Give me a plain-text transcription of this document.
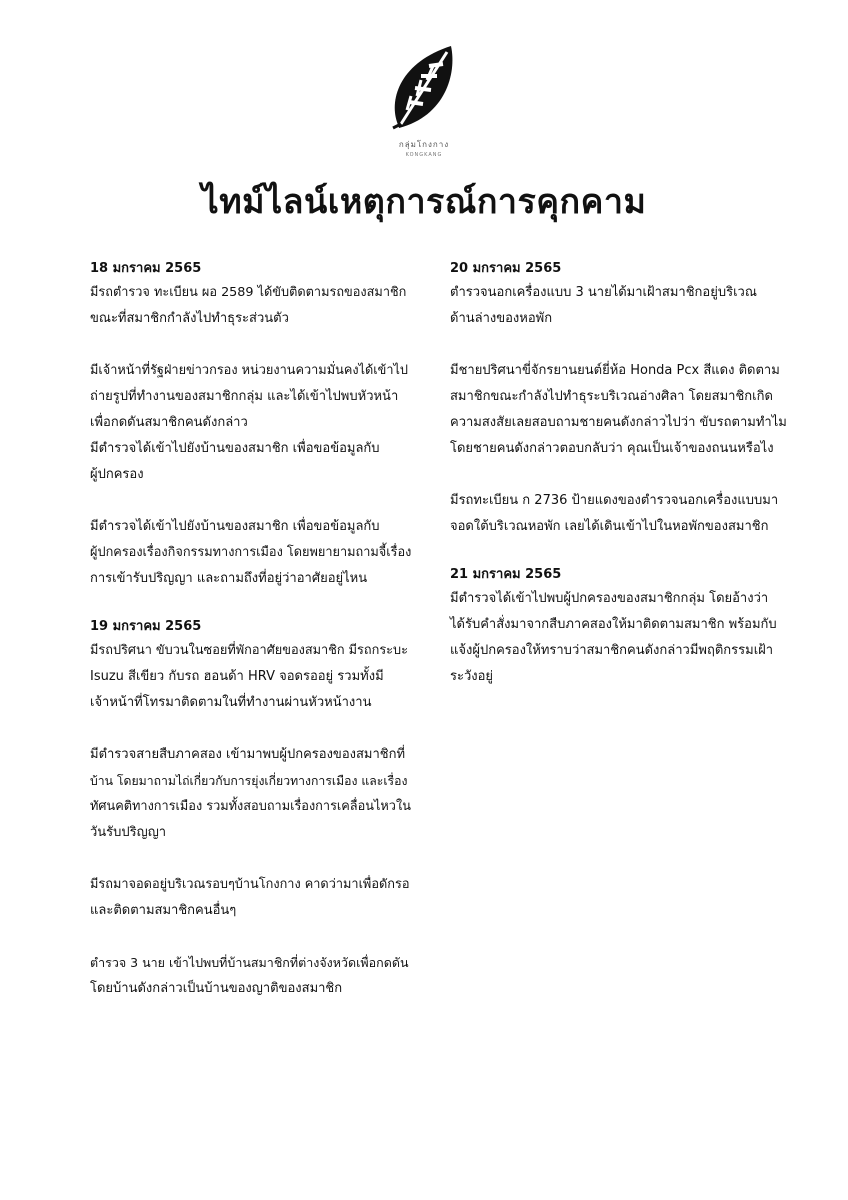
กลุ่มโกงกาง
KONGKANG
ไทม์ไลน์เหตุการณ์การคุกคาม
18 มกราคม 2565

มีรถตำรวจ ทะเบียน ผอ 2589 ได้ขับติดตามรถของสมาชิก
ขณะที่สมาชิกกำลังไปทำธุระส่วนตัว

มีเจ้าหน้าที่รัฐฝ่ายข่าวกรอง หน่วยงานความมั่นคงได้เข้าไป
ถ่ายรูปที่ทำงานของสมาชิกกลุ่ม และได้เข้าไปพบหัวหน้า
เพื่อกดดันสมาชิกคนดังกล่าว
มีตำรวจได้เข้าไปยังบ้านของสมาชิก เพื่อขอข้อมูลกับ
ผู้ปกครอง

มีตำรวจได้เข้าไปยังบ้านของสมาชิก เพื่อขอข้อมูลกับ
ผู้ปกครองเรื่องกิจกรรมทางการเมือง โดยพยายามถามจี้เรื่อง
การเข้ารับปริญญา และถามถึงที่อยู่ว่าอาศัยอยู่ไหน

19 มกราคม 2565

มีรถปริศนา ขับวนในซอยที่พักอาศัยของสมาชิก มีรถกระบะ
Isuzu สีเขียว กับรถ ฮอนด้า HRV จอดรออยู่ รวมทั้งมี
เจ้าหน้าที่โทรมาติดตามในที่ทำงานผ่านหัวหน้างาน

มีตำรวจสายสืบภาคสอง เข้ามาพบผู้ปกครองของสมาชิกที่
บ้าน โดยมาถามไถ่เกี่ยวกับการยุ่งเกี่ยวทางการเมือง และเรื่อง
ทัศนคติทางการเมือง รวมทั้งสอบถามเรื่องการเคลื่อนไหวใน
วันรับปริญญา

มีรถมาจอดอยู่บริเวณรอบๆบ้านโกงกาง คาดว่ามาเพื่อดักรอ
และติดตามสมาชิกคนอื่นๆ

ตำรวจ 3 นาย เข้าไปพบที่บ้านสมาชิกที่ต่างจังหวัดเพื่อกดดัน
โดยบ้านดังกล่าวเป็นบ้านของญาติของสมาชิก

20 มกราคม 2565

ตำรวจนอกเครื่องแบบ 3 นายได้มาเฝ้าสมาชิกอยู่บริเวณ
ด้านล่างของหอพัก

มีชายปริศนาขี่จักรยานยนต์ยี่ห้อ Honda Pcx สีแดง ติดตาม
สมาชิกขณะกำลังไปทำธุระบริเวณอ่างศิลา โดยสมาชิกเกิด
ความสงสัยเลยสอบถามชายคนดังกล่าวไปว่า ขับรถตามทำไม
โดยชายคนดังกล่าวตอบกลับว่า คุณเป็นเจ้าของถนนหรือไง

มีรถทะเบียน ก 2736 ป้ายแดงของตำรวจนอกเครื่องแบบมา
จอดใต้บริเวณหอพัก เลยได้เดินเข้าไปในหอพักของสมาชิก

21 มกราคม 2565

มีตำรวจได้เข้าไปพบผู้ปกครองของสมาชิกกลุ่ม โดยอ้างว่า
ได้รับคำสั่งมาจากสืบภาคสองให้มาติดตามสมาชิก พร้อมกับ
แจ้งผู้ปกครองให้ทราบว่าสมาชิกคนดังกล่าวมีพฤติกรรมเฝ้า
ระวังอยู่
